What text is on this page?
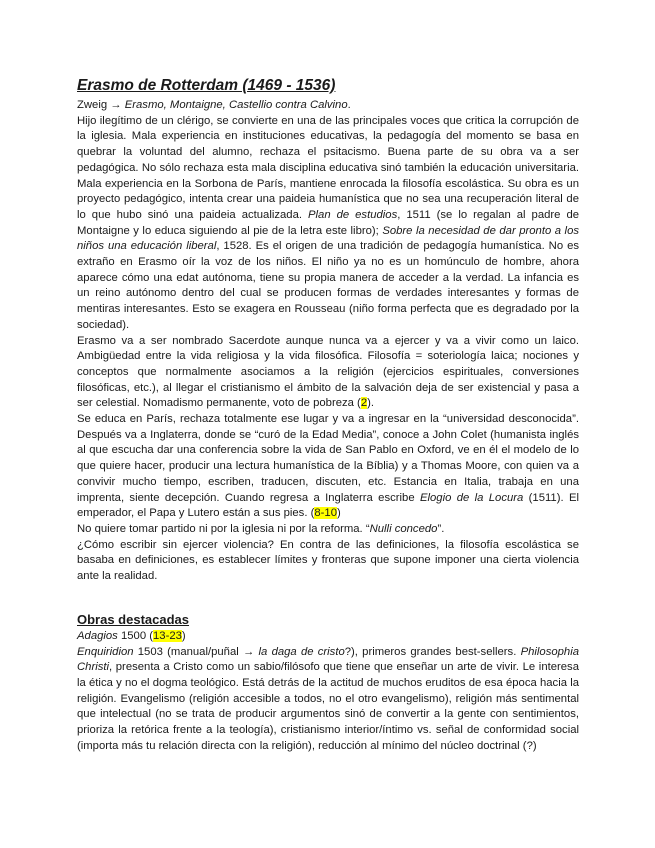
Erasmo de Rotterdam (1469 - 1536)

Zweig → Erasmo, Montaigne, Castellio contra Calvino.

Hijo ilegítimo de un clérigo, se convierte en una de las principales voces que critica la corrupción de la iglesia. Mala experiencia en instituciones educativas, la pedagogía del momento se basa en quebrar la voluntad del alumno, rechaza el psitacismo. Buena parte de su obra va a ser pedagógica. No sólo rechaza esta mala disciplina educativa sinó también la educación universitaria. Mala experiencia en la Sorbona de París, mantiene enrocada la filosofía escolástica. Su obra es un proyecto pedagógico, intenta crear una paideia humanística que no sea una recuperación literal de lo que hubo sinó una paideia actualizada. Plan de estudios, 1511 (se lo regalan al padre de Montaigne y lo educa siguiendo al pie de la letra este libro); Sobre la necesidad de dar pronto a los niños una educación liberal, 1528. Es el origen de una tradición de pedagogía humanística. No es extraño en Erasmo oír la voz de los niños. El niño ya no es un homúnculo de hombre, ahora aparece cómo una edat autónoma, tiene su propia manera de acceder a la verdad. La infancia es un reino autónomo dentro del cual se producen formas de verdades interesantes y formas de mentiras interesantes. Esto se exagera en Rousseau (niño forma perfecta que es degradado por la sociedad).

Erasmo va a ser nombrado Sacerdote aunque nunca va a ejercer y va a vivir como un laico. Ambigüedad entre la vida religiosa y la vida filosófica. Filosofía = soteriología laica; nociones y conceptos que normalmente asociamos a la religión (ejercicios espirituales, conversiones filosóficas, etc.), al llegar el cristianismo el ámbito de la salvación deja de ser existencial y pasa a ser celestial. Nomadismo permanente, voto de pobreza (2).

Se educa en París, rechaza totalmente ese lugar y va a ingresar en la “universidad desconocida”. Después va a Inglaterra, donde se “curó de la Edad Media”, conoce a John Colet (humanista inglés al que escucha dar una conferencia sobre la vida de San Pablo en Oxford, ve en él el modelo de lo que quiere hacer, producir una lectura humanística de la Bíblia) y a Thomas Moore, con quien va a convivir mucho tiempo, escriben, traducen, discuten, etc. Estancia en Italia, trabaja en una imprenta, siente decepción. Cuando regresa a Inglaterra escribe Elogio de la Locura (1511). El emperador, el Papa y Lutero están a sus pies. (8-10)

No quiere tomar partido ni por la iglesia ni por la reforma. “Nulli concedo”.

¿Cómo escribir sin ejercer violencia? En contra de las definiciones, la filosofía escolástica se basaba en definiciones, es establecer límites y fronteras que supone imponer una cierta violencia ante la realidad.

Obras destacadas

Adagios 1500 (13-23)

Enquiridion 1503 (manual/puñal → la daga de cristo?), primeros grandes best-sellers. Philosophia Christi, presenta a Cristo como un sabio/filósofo que tiene que enseñar un arte de vivir. Le interesa la ética y no el dogma teológico. Está detrás de la actitud de muchos eruditos de esa época hacia la religión. Evangelismo (religión accesible a todos, no el otro evangelismo), religión más sentimental que intelectual (no se trata de producir argumentos sinó de convertir a la gente con sentimientos, prioriza la retórica frente a la teología), cristianismo interior/íntimo vs. señal de conformidad social (importa más tu relación directa con la religión), reducción al mínimo del núcleo doctrinal (?)
